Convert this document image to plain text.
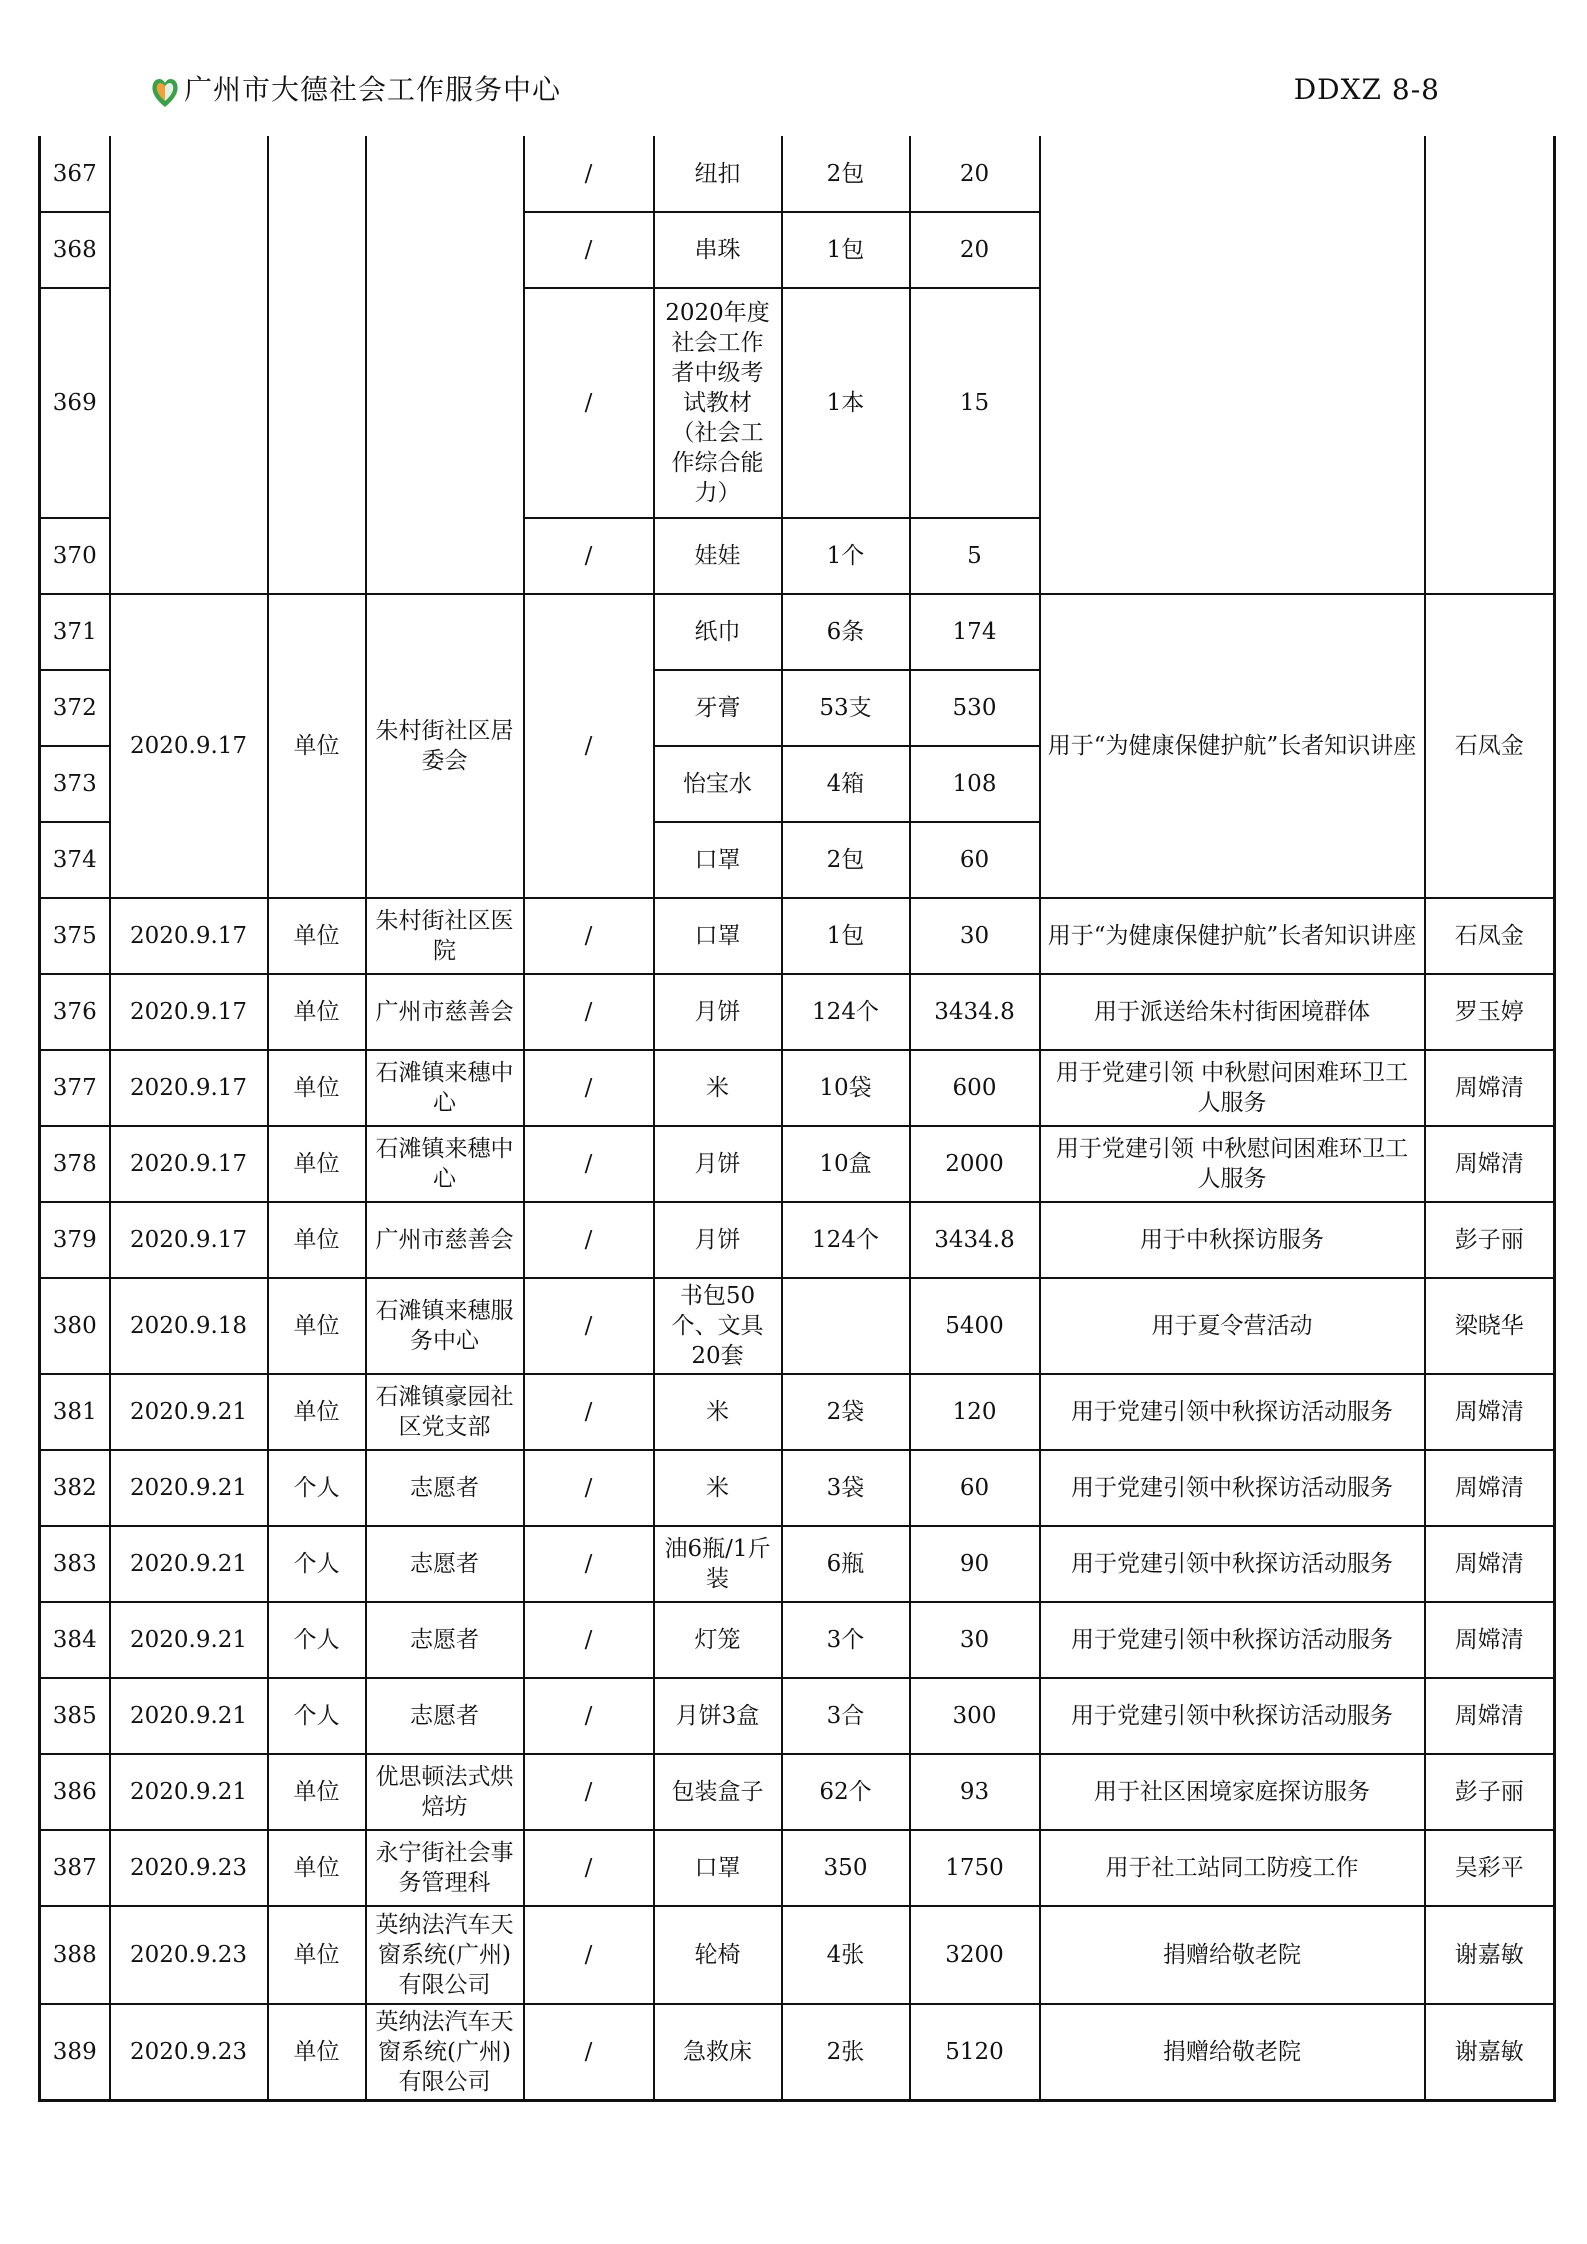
广州市大德社会工作服务中心	DDXZ 8-8
367				/	纽扣	2包	20		
368				/	串珠	1包	20		
369				/	2020年度社会工作者中级考试教材（社会工作综合能力）	1本	15		
370				/	娃娃	1个	5		
371	2020.9.17	单位	朱村街社区居委会	/	纸巾	6条	174	用于“为健康保健护航”长者知识讲座	石凤金
372					牙膏	53支	530		
373					怡宝水	4箱	108		
374					口罩	2包	60		
375	2020.9.17	单位	朱村街社区医院	/	口罩	1包	30	用于“为健康保健护航”长者知识讲座	石凤金
376	2020.9.17	单位	广州市慈善会	/	月饼	124个	3434.8	用于派送给朱村街困境群体	罗玉婷
377	2020.9.17	单位	石滩镇来穗中心	/	米	10袋	600	用于党建引领 中秋慰问困难环卫工人服务	周嫦清
378	2020.9.17	单位	石滩镇来穗中心	/	月饼	10盒	2000	用于党建引领 中秋慰问困难环卫工人服务	周嫦清
379	2020.9.17	单位	广州市慈善会	/	月饼	124个	3434.8	用于中秋探访服务	彭子丽
380	2020.9.18	单位	石滩镇来穗服务中心	/	书包50个、文具20套		5400	用于夏令营活动	梁晓华
381	2020.9.21	单位	石滩镇豪园社区党支部	/	米	2袋	120	用于党建引领中秋探访活动服务	周嫦清
382	2020.9.21	个人	志愿者	/	米	3袋	60	用于党建引领中秋探访活动服务	周嫦清
383	2020.9.21	个人	志愿者	/	油6瓶/1斤装	6瓶	90	用于党建引领中秋探访活动服务	周嫦清
384	2020.9.21	个人	志愿者	/	灯笼	3个	30	用于党建引领中秋探访活动服务	周嫦清
385	2020.9.21	个人	志愿者	/	月饼3盒	3合	300	用于党建引领中秋探访活动服务	周嫦清
386	2020.9.21	单位	优思顿法式烘焙坊	/	包装盒子	62个	93	用于社区困境家庭探访服务	彭子丽
387	2020.9.23	单位	永宁街社会事务管理科	/	口罩	350	1750	用于社工站同工防疫工作	吴彩平
388	2020.9.23	单位	英纳法汽车天窗系统(广州)有限公司	/	轮椅	4张	3200	捐赠给敬老院	谢嘉敏
389	2020.9.23	单位	英纳法汽车天窗系统(广州)有限公司	/	急救床	2张	5120	捐赠给敬老院	谢嘉敏
